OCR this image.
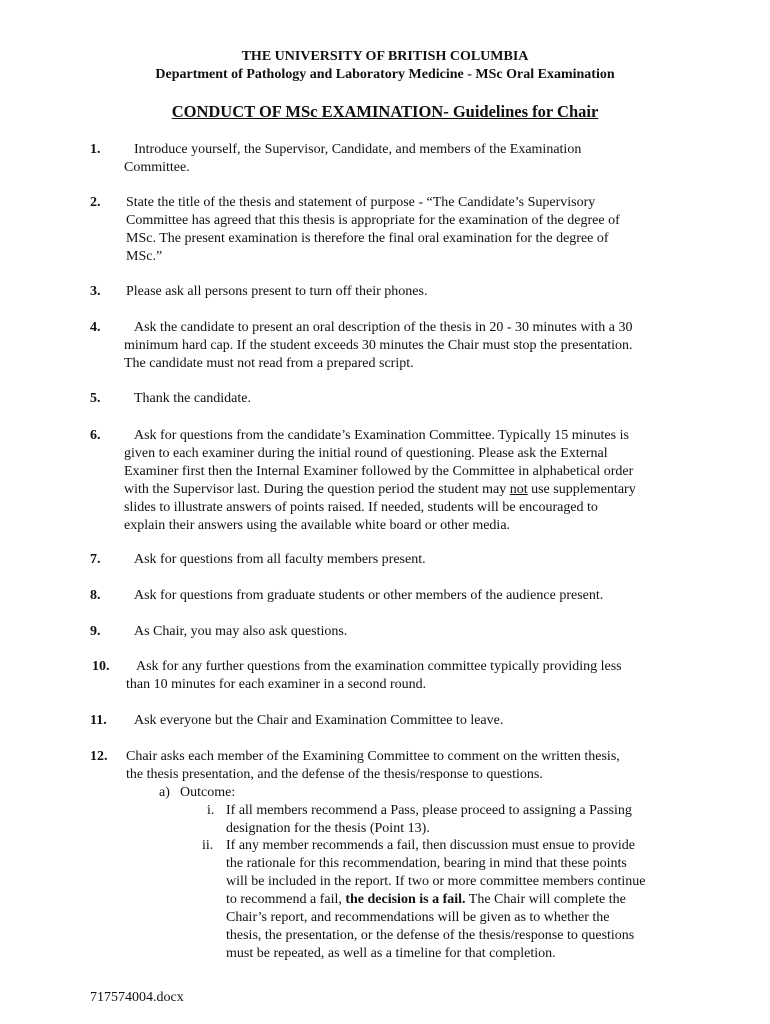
THE UNIVERSITY OF BRITISH COLUMBIA
Department of Pathology and Laboratory Medicine - MSc Oral Examination
CONDUCT OF MSc EXAMINATION- Guidelines for Chair
1.	Introduce yourself, the Supervisor, Candidate, and members of the Examination
Committee.
2. State the title of the thesis and statement of purpose - “The Candidate’s Supervisory
Committee has agreed that this thesis is appropriate for the examination of the degree of
MSc. The present examination is therefore the final oral examination for the degree of
MSc.”
3. Please ask all persons present to turn off their phones.
4.	Ask the candidate to present an oral description of the thesis in 20 - 30 minutes with a 30
minimum hard cap. If the student exceeds 30 minutes the Chair must stop the presentation.
The candidate must not read from a prepared script.
5.	Thank the candidate.
6.	Ask for questions from the candidate’s Examination Committee. Typically 15 minutes is
given to each examiner during the initial round of questioning. Please ask the External
Examiner first then the Internal Examiner followed by the Committee in alphabetical order
with the Supervisor last. During the question period the student may not use supplementary
slides to illustrate answers of points raised. If needed, students will be encouraged to
explain their answers using the available white board or other media.
7.	Ask for questions from all faculty members present.
8.	Ask for questions from graduate students or other members of the audience present.
9.	As Chair, you may also ask questions.
10.	Ask for any further questions from the examination committee typically providing less
than 10 minutes for each examiner in a second round.
11.	Ask everyone but the Chair and Examination Committee to leave.
12. Chair asks each member of the Examining Committee to comment on the written thesis,
the thesis presentation, and the defense of the thesis/response to questions.
a) Outcome:
i. If all members recommend a Pass, please proceed to assigning a Passing
designation for the thesis (Point 13).
ii. If any member recommends a fail, then discussion must ensue to provide
the rationale for this recommendation, bearing in mind that these points
will be included in the report. If two or more committee members continue
to recommend a fail, the decision is a fail. The Chair will complete the
Chair’s report, and recommendations will be given as to whether the
thesis, the presentation, or the defense of the thesis/response to questions
must be repeated, as well as a timeline for that completion.
717574004.docx
